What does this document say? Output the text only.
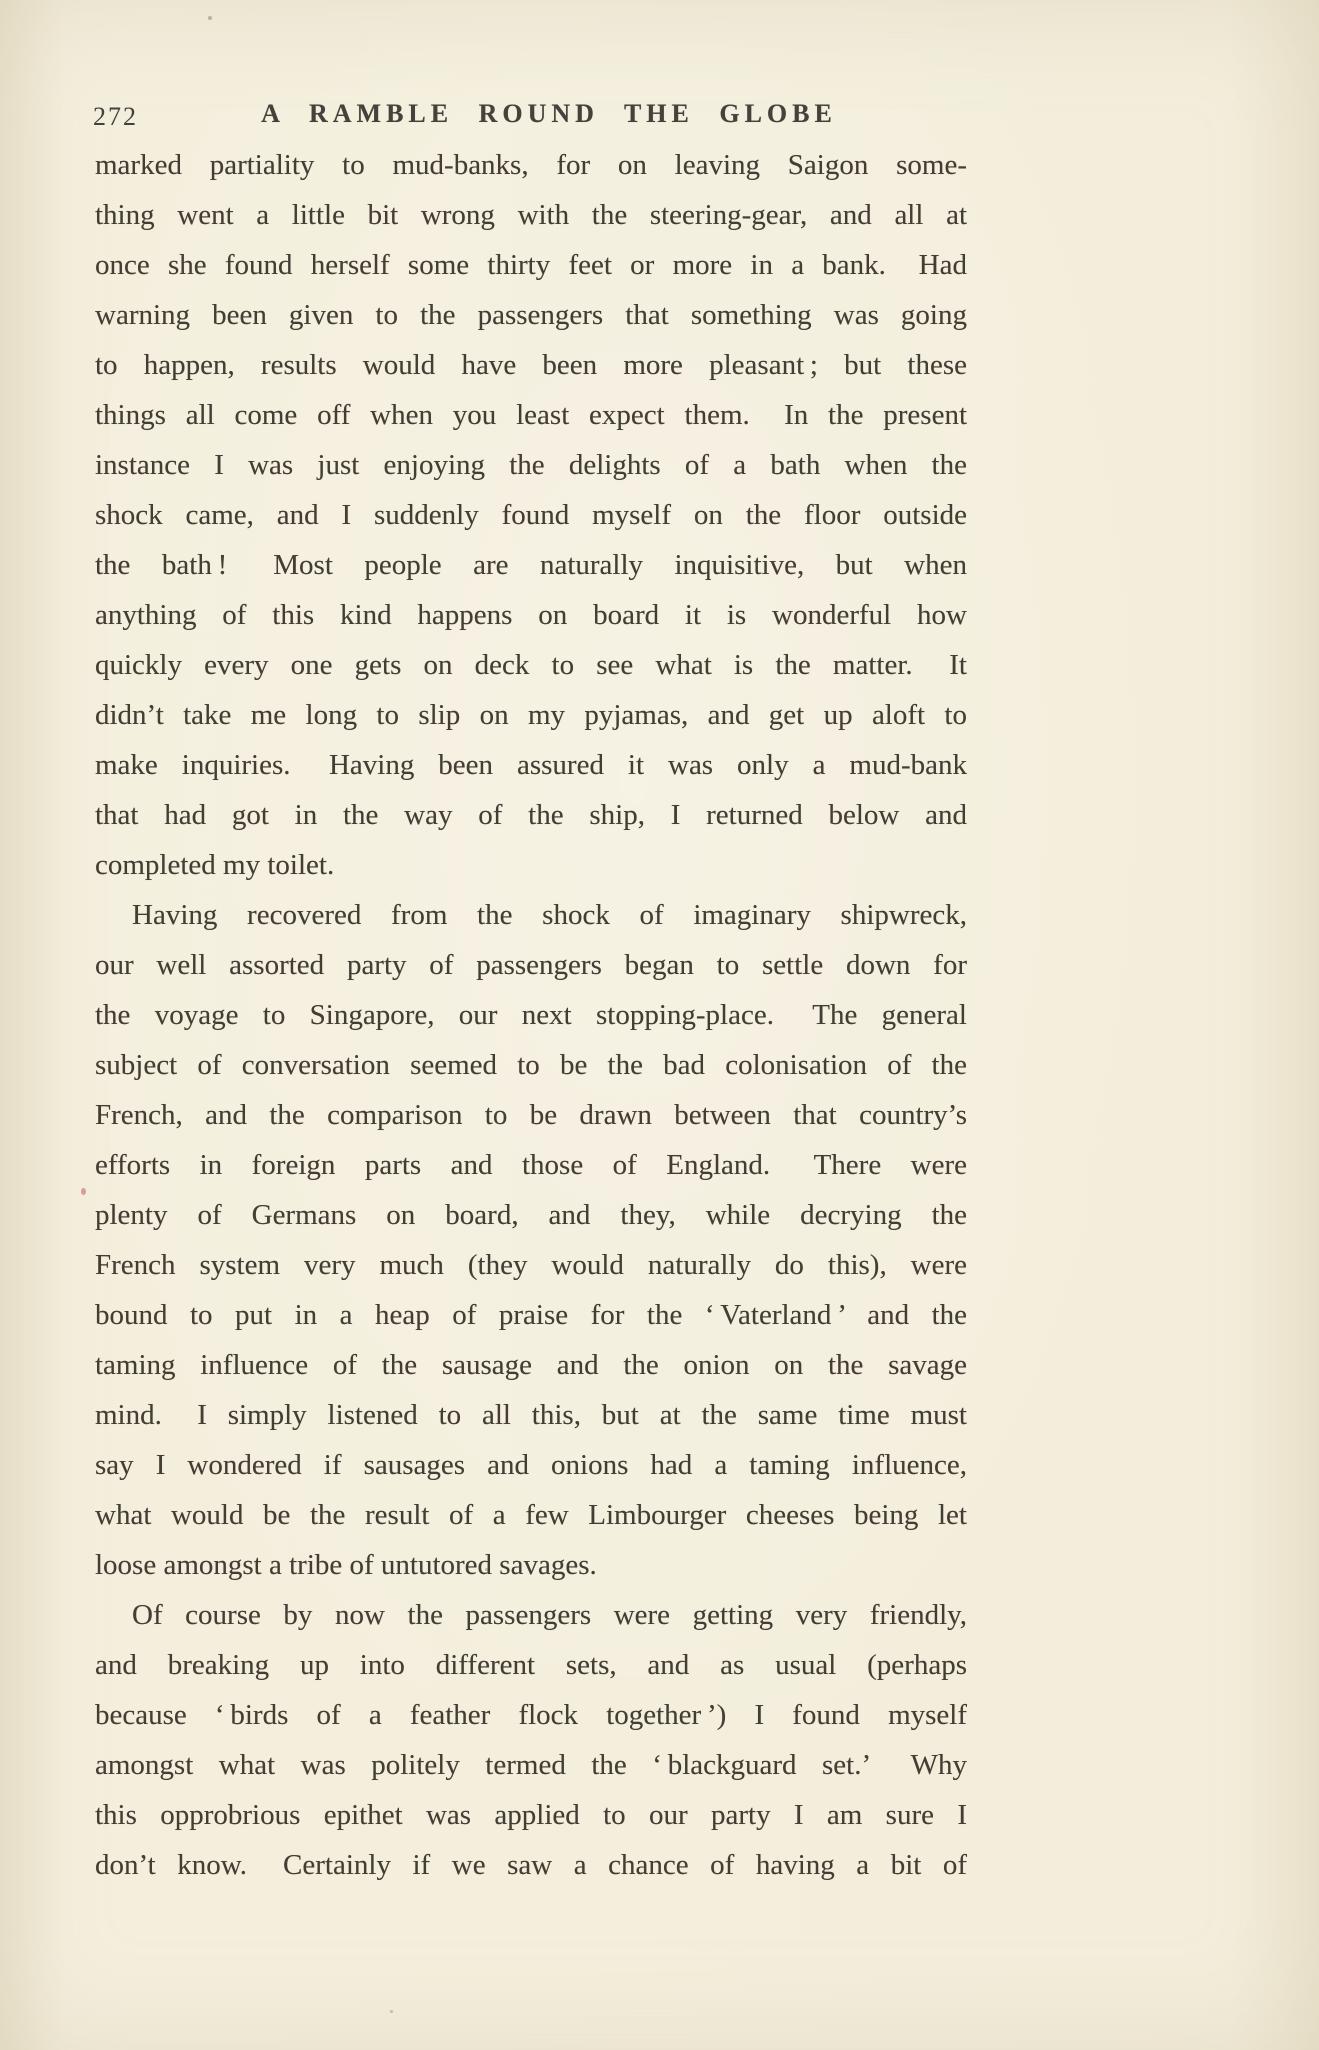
272	A RAMBLE ROUND THE GLOBE
marked partiality to mud-banks, for on leaving Saigon some-
thing went a little bit wrong with the steering-gear, and all at
once she found herself some thirty feet or more in a bank.  Had
warning been given to the passengers that something was going
to happen, results would have been more pleasant ; but these
things all come off when you least expect them.  In the present
instance I was just enjoying the delights of a bath when the
shock came, and I suddenly found myself on the floor outside
the bath !  Most people are naturally inquisitive, but when
anything of this kind happens on board it is wonderful how
quickly every one gets on deck to see what is the matter.  It
didn’t take me long to slip on my pyjamas, and get up aloft to
make inquiries.  Having been assured it was only a mud-bank
that had got in the way of the ship, I returned below and
completed my toilet.
Having recovered from the shock of imaginary shipwreck,
our well assorted party of passengers began to settle down for
the voyage to Singapore, our next stopping-place.  The general
subject of conversation seemed to be the bad colonisation of the
French, and the comparison to be drawn between that country’s
efforts in foreign parts and those of England.  There were
plenty of Germans on board, and they, while decrying the
French system very much (they would naturally do this), were
bound to put in a heap of praise for the ‘ Vaterland ’ and the
taming influence of the sausage and the onion on the savage
mind.  I simply listened to all this, but at the same time must
say I wondered if sausages and onions had a taming influence,
what would be the result of a few Limbourger cheeses being let
loose amongst a tribe of untutored savages.
Of course by now the passengers were getting very friendly,
and breaking up into different sets, and as usual (perhaps
because ‘ birds of a feather flock together ’) I found myself
amongst what was politely termed the ‘ blackguard set.’  Why
this opprobrious epithet was applied to our party I am sure I
don’t know.  Certainly if we saw a chance of having a bit of
